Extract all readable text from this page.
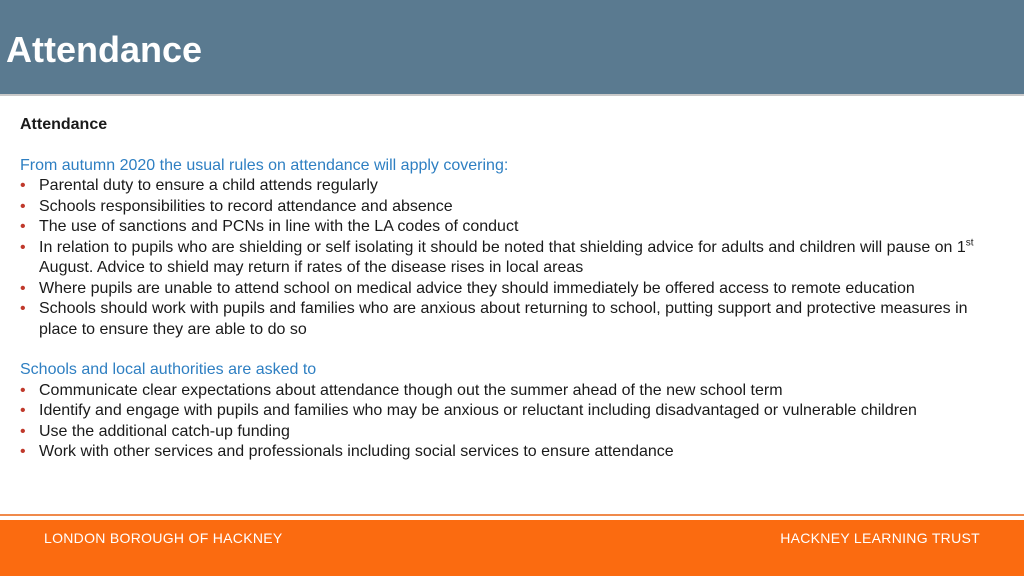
Attendance
Attendance
From autumn 2020 the usual rules on attendance will apply covering:
• Parental duty to ensure a child attends regularly
• Schools responsibilities to record attendance and absence
• The use of sanctions and PCNs in line with the LA codes of conduct
• In relation to pupils who are shielding or self isolating it should be noted that shielding advice for adults and children will pause on 1st August. Advice to shield may return if rates of the disease rises in local areas
• Where pupils are unable to attend school on medical advice they should immediately be offered access to remote education
• Schools should work with pupils and families who are anxious about returning to school, putting support and protective measures in place to ensure they are able to do so
Schools and local authorities are asked to
• Communicate clear expectations about attendance though out the summer ahead of the new school term
• Identify and engage with pupils and families who may be anxious or reluctant including disadvantaged or vulnerable children
• Use the additional catch-up funding
• Work with other services and professionals including social services to ensure attendance
LONDON BOROUGH OF HACKNEY	HACKNEY LEARNING TRUST
